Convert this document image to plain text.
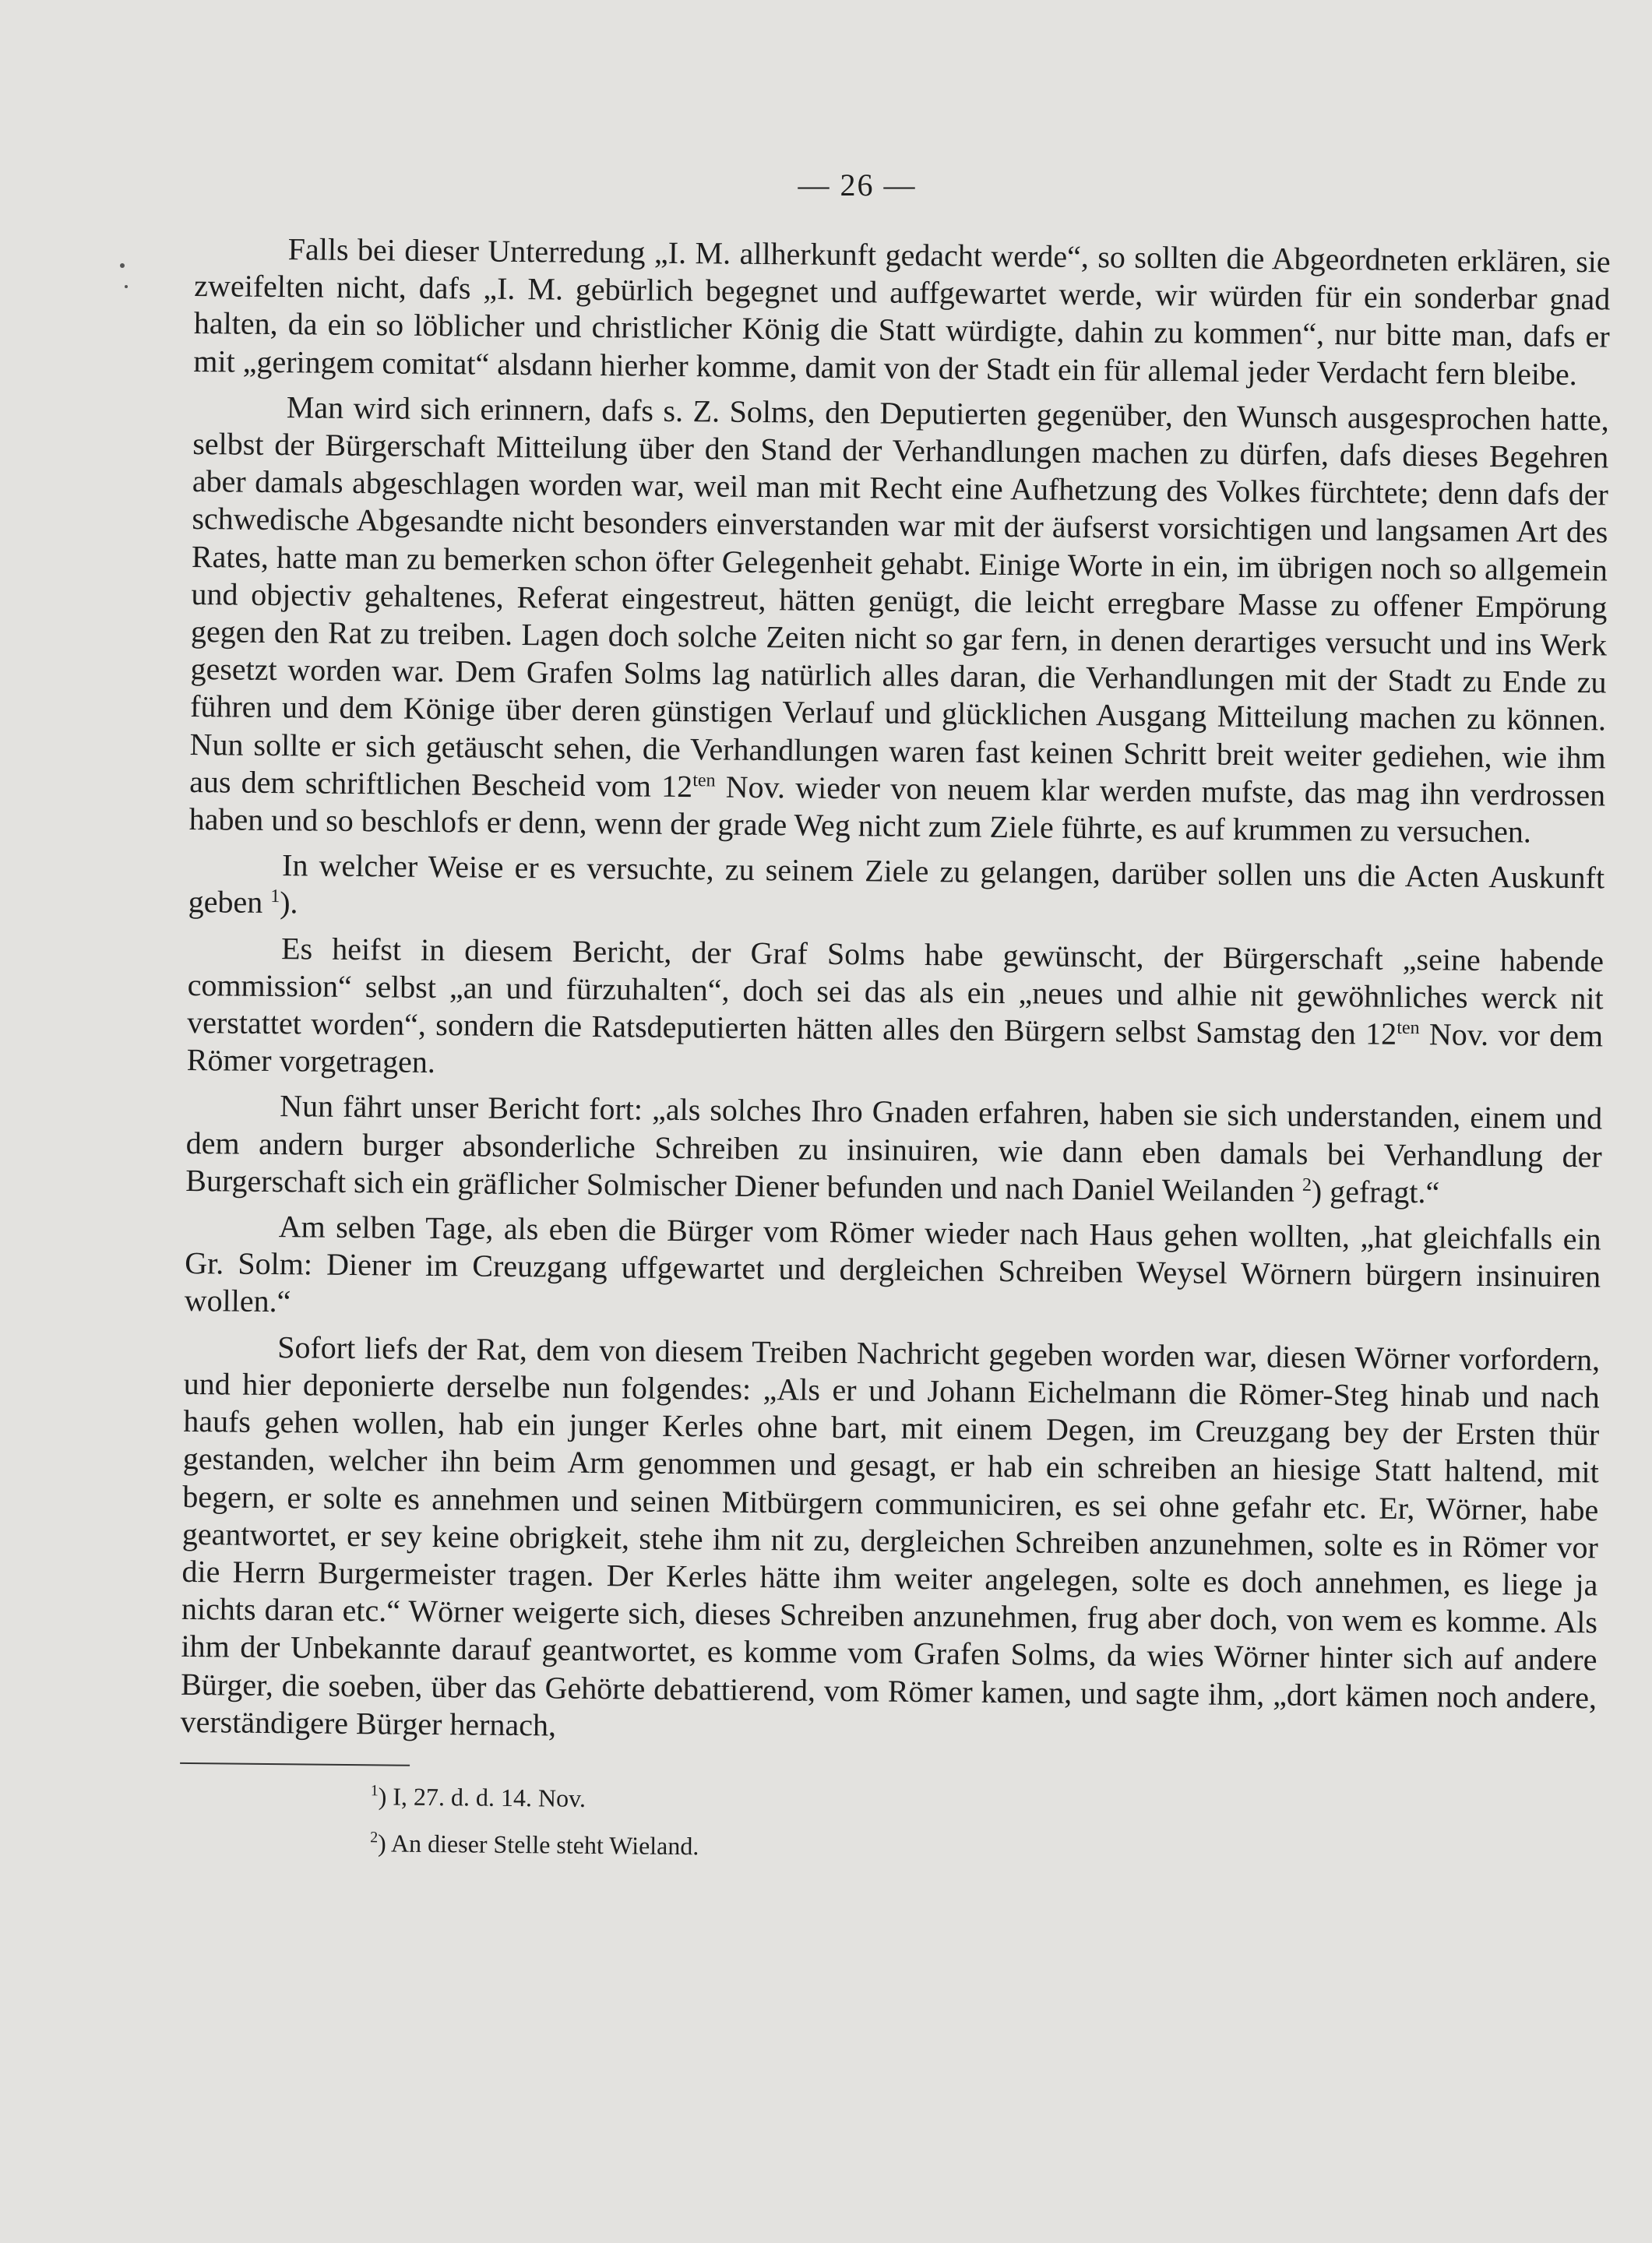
— 26 —

Falls bei dieser Unterredung „I. M. allherkunft gedacht werde“, so sollten die Abgeordneten erklären, sie zweifelten nicht, dafs „I. M. gebürlich begegnet und auffgewartet werde, wir würden für ein sonderbar gnad halten, da ein so löblicher und christlicher König die Statt würdigte, dahin zu kommen“, nur bitte man, dafs er mit „geringem comitat“ alsdann hierher komme, damit von der Stadt ein für allemal jeder Verdacht fern bleibe.

Man wird sich erinnern, dafs s. Z. Solms, den Deputierten gegenüber, den Wunsch ausgesprochen hatte, selbst der Bürgerschaft Mitteilung über den Stand der Verhandlungen machen zu dürfen, dafs dieses Begehren aber damals abgeschlagen worden war, weil man mit Recht eine Aufhetzung des Volkes fürchtete; denn dafs der schwedische Abgesandte nicht besonders einverstanden war mit der äufserst vorsichtigen und langsamen Art des Rates, hatte man zu bemerken schon öfter Gelegenheit gehabt. Einige Worte in ein, im übrigen noch so allgemein und objectiv gehaltenes, Referat eingestreut, hätten genügt, die leicht erregbare Masse zu offener Empörung gegen den Rat zu treiben. Lagen doch solche Zeiten nicht so gar fern, in denen derartiges versucht und ins Werk gesetzt worden war. Dem Grafen Solms lag natürlich alles daran, die Verhandlungen mit der Stadt zu Ende zu führen und dem Könige über deren günstigen Verlauf und glücklichen Ausgang Mitteilung machen zu können. Nun sollte er sich getäuscht sehen, die Verhandlungen waren fast keinen Schritt breit weiter gediehen, wie ihm aus dem schriftlichen Bescheid vom $12^{ten}$ Nov. wieder von neuem klar werden mufste, das mag ihn verdrossen haben und so beschlofs er denn, wenn der grade Weg nicht zum Ziele führte, es auf krummen zu versuchen.

In welcher Weise er es versuchte, zu seinem Ziele zu gelangen, darüber sollen uns die Acten Auskunft geben $^1$).

Es heifst in diesem Bericht, der Graf Solms habe gewünscht, der Bürgerschaft „seine habende commission“ selbst „an und fürzuhalten“, doch sei das als ein „neues und alhie nit gewöhnliches werck nit verstattet worden“, sondern die Ratsdeputierten hätten alles den Bürgern selbst Samstag den $12^{ten}$ Nov. vor dem Römer vorgetragen.

Nun fährt unser Bericht fort: „als solches Ihro Gnaden erfahren, haben sie sich understanden, einem und dem andern burger absonderliche Schreiben zu insinuiren, wie dann eben damals bei Verhandlung der Burgerschaft sich ein gräflicher Solmischer Diener befunden und nach Daniel Weilanden $^2$) gefragt.“

Am selben Tage, als eben die Bürger vom Römer wieder nach Haus gehen wollten, „hat gleichfalls ein Gr. Solm: Diener im Creuzgang uffgewartet und dergleichen Schreiben Weysel Wörnern bürgern insinuiren wollen.“

Sofort liefs der Rat, dem von diesem Treiben Nachricht gegeben worden war, diesen Wörner vorfordern, und hier deponierte derselbe nun folgendes: „Als er und Johann Eichelmann die Römer-Steg hinab und nach haufs gehen wollen, hab ein junger Kerles ohne bart, mit einem Degen, im Creuzgang bey der Ersten thür gestanden, welcher ihn beim Arm genommen und gesagt, er hab ein schreiben an hiesige Statt haltend, mit begern, er solte es annehmen und seinen Mitbürgern communiciren, es sei ohne gefahr etc. Er, Wörner, habe geantwortet, er sey keine obrigkeit, stehe ihm nit zu, dergleichen Schreiben anzunehmen, solte es in Römer vor die Herrn Burgermeister tragen. Der Kerles hätte ihm weiter angelegen, solte es doch annehmen, es liege ja nichts daran etc.“ Wörner weigerte sich, dieses Schreiben anzunehmen, frug aber doch, von wem es komme. Als ihm der Unbekannte darauf geantwortet, es komme vom Grafen Solms, da wies Wörner hinter sich auf andere Bürger, die soeben, über das Gehörte debattierend, vom Römer kamen, und sagte ihm, „dort kämen noch andere, verständigere Bürger hernach,

$^1$) I, 27. d. d. 14. Nov.

$^2$) An dieser Stelle steht Wieland.
